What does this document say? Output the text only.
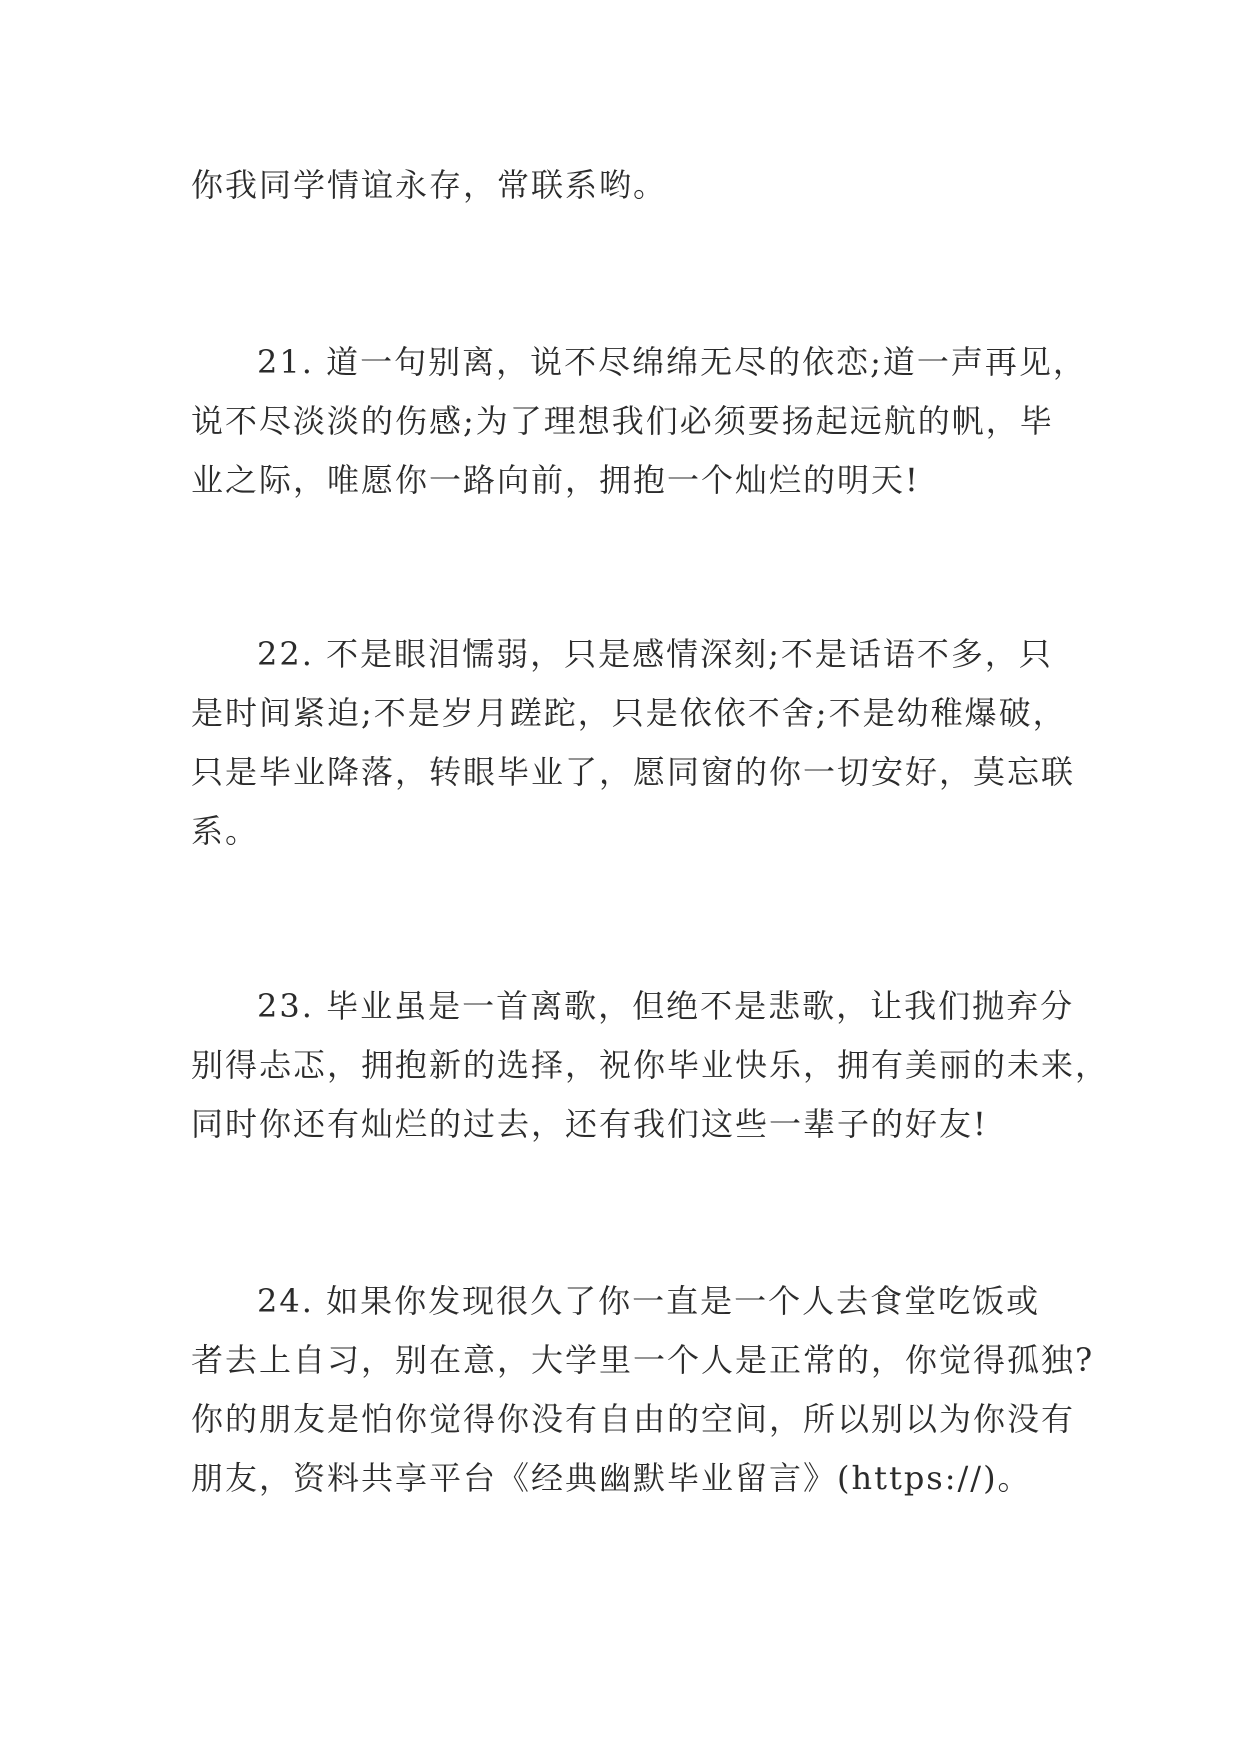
你我同学情谊永存，常联系哟。
21. 道一句别离，说不尽绵绵无尽的依恋;道一声再见，
说不尽淡淡的伤感;为了理想我们必须要扬起远航的帆，毕
业之际，唯愿你一路向前，拥抱一个灿烂的明天!
22. 不是眼泪懦弱，只是感情深刻;不是话语不多，只
是时间紧迫;不是岁月蹉跎，只是依依不舍;不是幼稚爆破，
只是毕业降落，转眼毕业了，愿同窗的你一切安好，莫忘联
系。
23. 毕业虽是一首离歌，但绝不是悲歌，让我们抛弃分
别得忐忑，拥抱新的选择，祝你毕业快乐，拥有美丽的未来，
同时你还有灿烂的过去，还有我们这些一辈子的好友!
24. 如果你发现很久了你一直是一个人去食堂吃饭或
者去上自习，别在意，大学里一个人是正常的，你觉得孤独?
你的朋友是怕你觉得你没有自由的空间，所以别以为你没有
朋友，资料共享平台《经典幽默毕业留言》(https://)。
